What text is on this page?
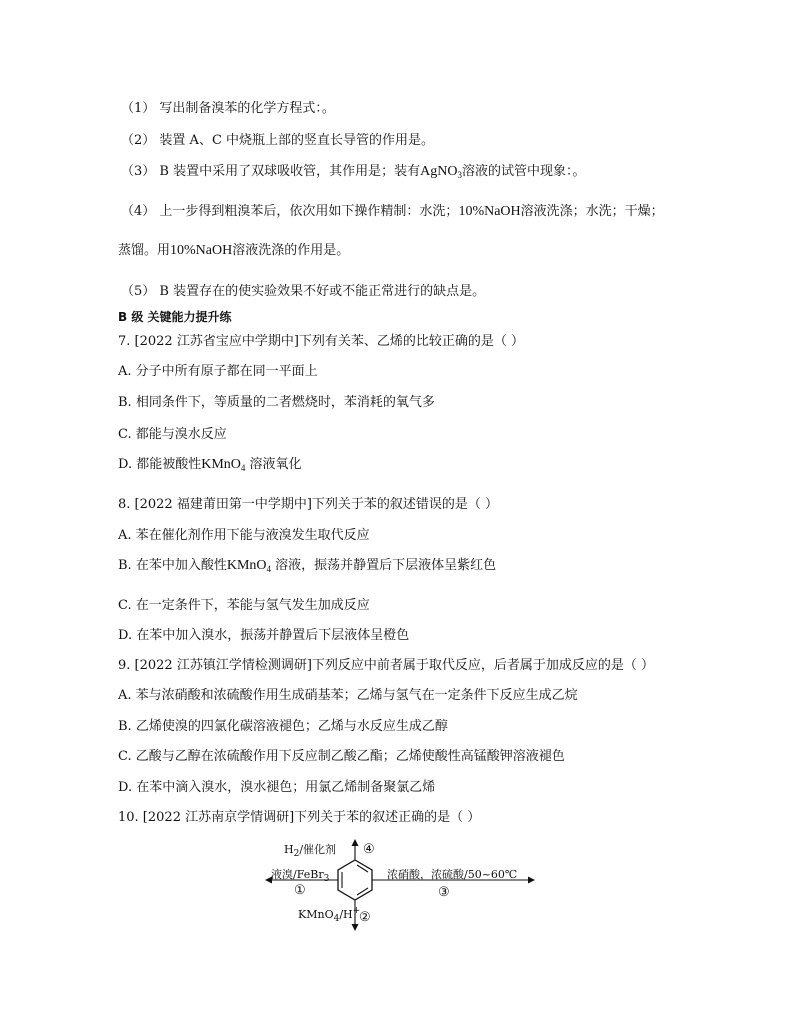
（1） 写出制备溴苯的化学方程式：。
（2） 装置 A、C 中烧瓶上部的竖直长导管的作用是。
（3） B 装置中采用了双球吸收管，其作用是；装有AgNO$_3$溶液的试管中现象：。
（4） 上一步得到粗溴苯后，依次用如下操作精制：水洗；10%NaOH溶液洗涤；水洗；干燥；
蒸馏。用10%NaOH溶液洗涤的作用是。
（5） B 装置存在的使实验效果不好或不能正常进行的缺点是。
B 级 关键能力提升练
7. [2022 江苏省宝应中学期中]下列有关苯、乙烯的比较正确的是（ ）
A. 分子中所有原子都在同一平面上
B. 相同条件下，等质量的二者燃烧时，苯消耗的氧气多
C. 都能与溴水反应
D. 都能被酸性KMnO$_4$ 溶液氧化
8. [2022 福建莆田第一中学期中]下列关于苯的叙述错误的是（ ）
A. 苯在催化剂作用下能与液溴发生取代反应
B. 在苯中加入酸性KMnO$_4$ 溶液，振荡并静置后下层液体呈紫红色
C. 在一定条件下，苯能与氢气发生加成反应
D. 在苯中加入溴水，振荡并静置后下层液体呈橙色
9. [2022 江苏镇江学情检测调研]下列反应中前者属于取代反应，后者属于加成反应的是（ ）
A. 苯与浓硝酸和浓硫酸作用生成硝基苯；乙烯与氢气在一定条件下反应生成乙烷
B. 乙烯使溴的四氯化碳溶液褪色；乙烯与水反应生成乙醇
C. 乙酸与乙醇在浓硫酸作用下反应制乙酸乙酯；乙烯使酸性高锰酸钾溶液褪色
D. 在苯中滴入溴水，溴水褪色；用氯乙烯制备聚氯乙烯
10. [2022 江苏南京学情调研]下列关于苯的叙述正确的是（ ）
$H_2/$催化剂 ④
液溴/FeBr$_3$
①
浓硝酸，浓硫酸/50~60℃
③
KMnO$_4$/H+
②
